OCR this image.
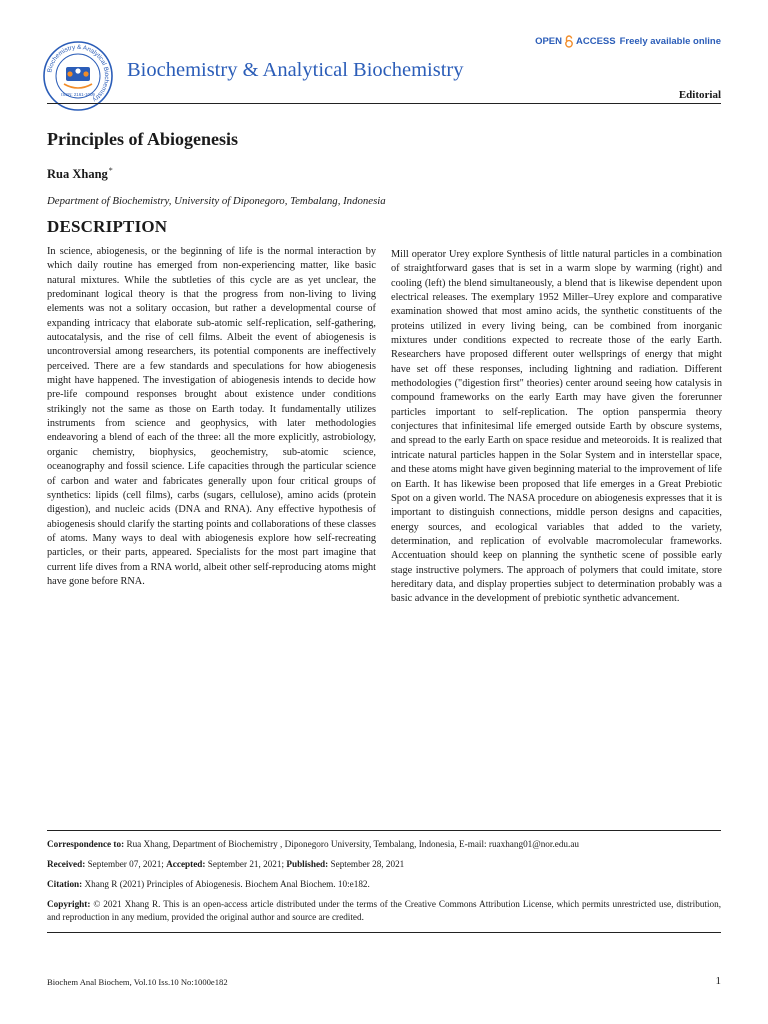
Biochemistry & Analytical Biochemistry
ISSN: 2161-1009
Biochemistry & Analytical Biochemistry
OPEN ACCESS Freely available online
Editorial
Principles of Abiogenesis
Rua Xhang*
Department of Biochemistry, University of Diponegoro, Tembalang, Indonesia
DESCRIPTION
In science, abiogenesis, or the beginning of life is the normal interaction by which daily routine has emerged from non-experiencing matter, like basic natural mixtures. While the subtleties of this cycle are as yet unclear, the predominant logical theory is that the progress from non-living to living elements was not a solitary occasion, but rather a developmental course of expanding intricacy that elaborate sub-atomic self-replication, self-gathering, autocatalysis, and the rise of cell films. Albeit the event of abiogenesis is uncontroversial among researchers, its potential components are ineffectively perceived. There are a few standards and speculations for how abiogenesis might have happened. The investigation of abiogenesis intends to decide how pre-life compound responses brought about existence under conditions strikingly not the same as those on Earth today. It fundamentally utilizes instruments from science and geophysics, with later methodologies endeavoring a blend of each of the three: all the more explicitly, astrobiology, organic chemistry, biophysics, geochemistry, sub-atomic science, oceanography and fossil science. Life capacities through the particular science of carbon and water and fabricates generally upon four critical groups of synthetics: lipids (cell films), carbs (sugars, cellulose), amino acids (protein digestion), and nucleic acids (DNA and RNA). Any effective hypothesis of abiogenesis should clarify the starting points and collaborations of these classes of atoms. Many ways to deal with abiogenesis explore how self-recreating particles, or their parts, appeared. Specialists for the most part imagine that current life dives from a RNA world, albeit other self-reproducing atoms might have gone before RNA.
Mill operator Urey explore Synthesis of little natural particles in a combination of straightforward gases that is set in a warm slope by warming (right) and cooling (left) the blend simultaneously, a blend that is likewise dependent upon electrical releases. The exemplary 1952 Miller–Urey explore and comparative examination showed that most amino acids, the synthetic constituents of the proteins utilized in every living being, can be combined from inorganic mixtures under conditions expected to recreate those of the early Earth. Researchers have proposed different outer wellsprings of energy that might have set off these responses, including lightning and radiation. Different methodologies ("digestion first" theories) center around seeing how catalysis in compound frameworks on the early Earth may have given the forerunner particles important to self-replication. The option panspermia theory conjectures that infinitesimal life emerged outside Earth by obscure systems, and spread to the early Earth on space residue and meteoroids. It is realized that intricate natural particles happen in the Solar System and in interstellar space, and these atoms might have given beginning material to the improvement of life on Earth. It has likewise been proposed that life emerges in a Great Prebiotic Spot on a given world. The NASA procedure on abiogenesis expresses that it is important to distinguish connections, middle person designs and capacities, energy sources, and ecological variables that added to the variety, determination, and replication of evolvable macromolecular frameworks. Accentuation should keep on planning the synthetic scene of possible early stage instructive polymers. The approach of polymers that could imitate, store hereditary data, and display properties subject to determination probably was a basic advance in the development of prebiotic synthetic advancement.
Correspondence to: Rua Xhang, Department of Biochemistry , Diponegoro University, Tembalang, Indonesia, E-mail: ruaxhang01@nor.edu.au
Received: September 07, 2021; Accepted: September 21, 2021; Published: September 28, 2021
Citation: Xhang R (2021) Principles of Abiogenesis. Biochem Anal Biochem. 10:e182.
Copyright: © 2021 Xhang R. This is an open-access article distributed under the terms of the Creative Commons Attribution License, which permits unrestricted use, distribution, and reproduction in any medium, provided the original author and source are credited.
Biochem Anal Biochem, Vol.10 Iss.10 No:1000e182	1
